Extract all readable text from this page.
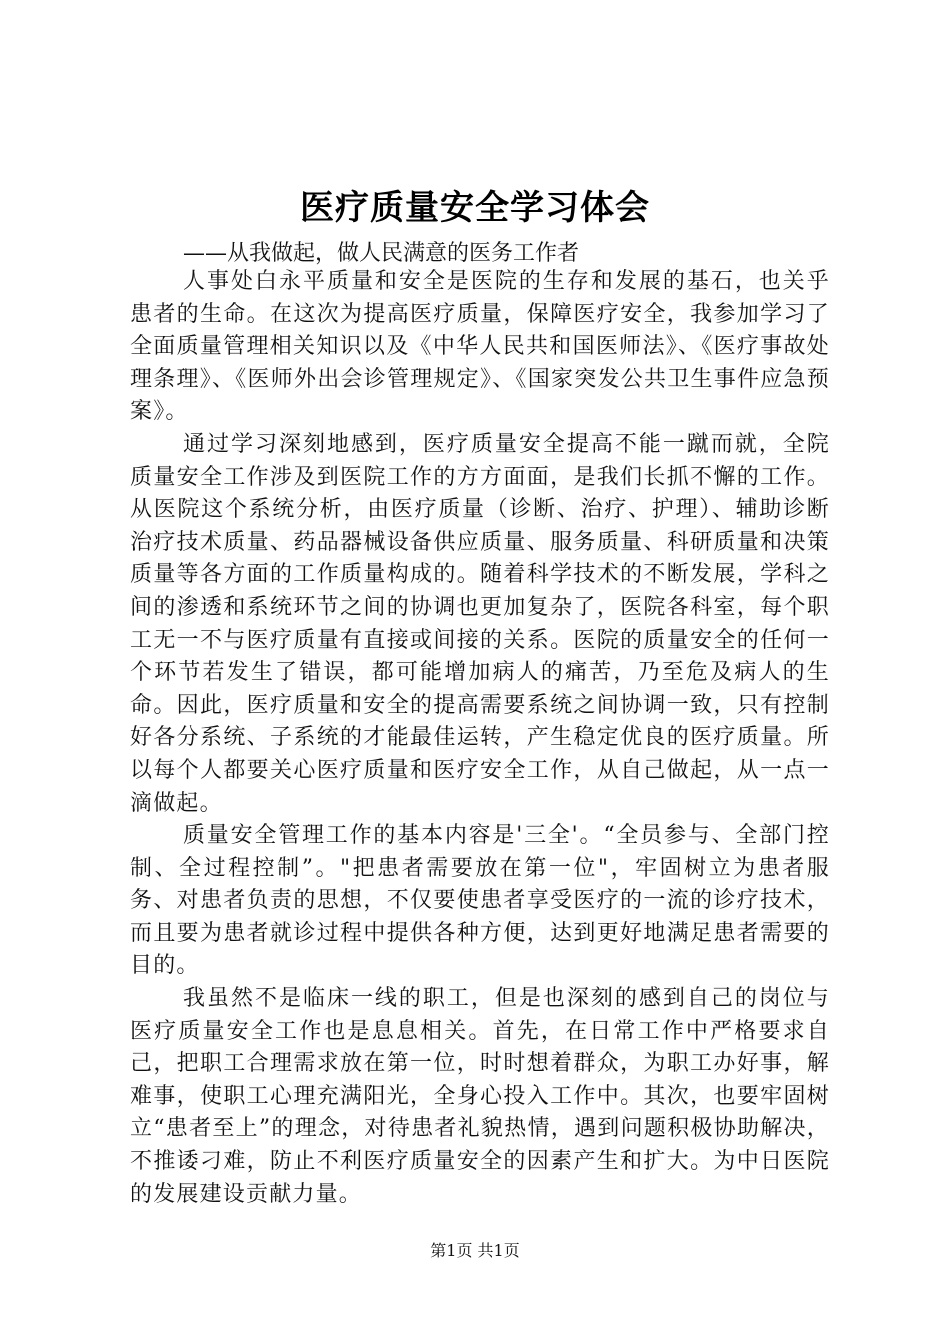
医疗质量安全学习体会
——从我做起，做人民满意的医务工作者

人事处白永平质量和安全是医院的生存和发展的基石，也关乎患者的生命。在这次为提高医疗质量，保障医疗安全，我参加学习了全面质量管理相关知识以及《中华人民共和国医师法》、《医疗事故处理条理》、《医师外出会诊管理规定》、《国家突发公共卫生事件应急预案》。

通过学习深刻地感到，医疗质量安全提高不能一蹴而就，全院质量安全工作涉及到医院工作的方方面面，是我们长抓不懈的工作。从医院这个系统分析，由医疗质量（诊断、治疗、护理）、辅助诊断治疗技术质量、药品器械设备供应质量、服务质量、科研质量和决策质量等各方面的工作质量构成的。随着科学技术的不断发展，学科之间的渗透和系统环节之间的协调也更加复杂了，医院各科室，每个职工无一不与医疗质量有直接或间接的关系。医院的质量安全的任何一个环节若发生了错误，都可能增加病人的痛苦，乃至危及病人的生命。因此，医疗质量和安全的提高需要系统之间协调一致，只有控制好各分系统、子系统的才能最佳运转，产生稳定优良的医疗质量。所以每个人都要关心医疗质量和医疗安全工作，从自己做起，从一点一滴做起。

质量安全管理工作的基本内容是'三全'。“全员参与、全部门控制、全过程控制”。"把患者需要放在第一位"，牢固树立为患者服务、对患者负责的思想，不仅要使患者享受医疗的一流的诊疗技术，而且要为患者就诊过程中提供各种方便，达到更好地满足患者需要的目的。

我虽然不是临床一线的职工，但是也深刻的感到自己的岗位与医疗质量安全工作也是息息相关。首先，在日常工作中严格要求自己，把职工合理需求放在第一位，时时想着群众，为职工办好事，解难事，使职工心理充满阳光，全身心投入工作中。其次，也要牢固树立“患者至上”的理念，对待患者礼貌热情，遇到问题积极协助解决，不推诿刁难，防止不利医疗质量安全的因素产生和扩大。为中日医院的发展建设贡献力量。

第1页 共1页
